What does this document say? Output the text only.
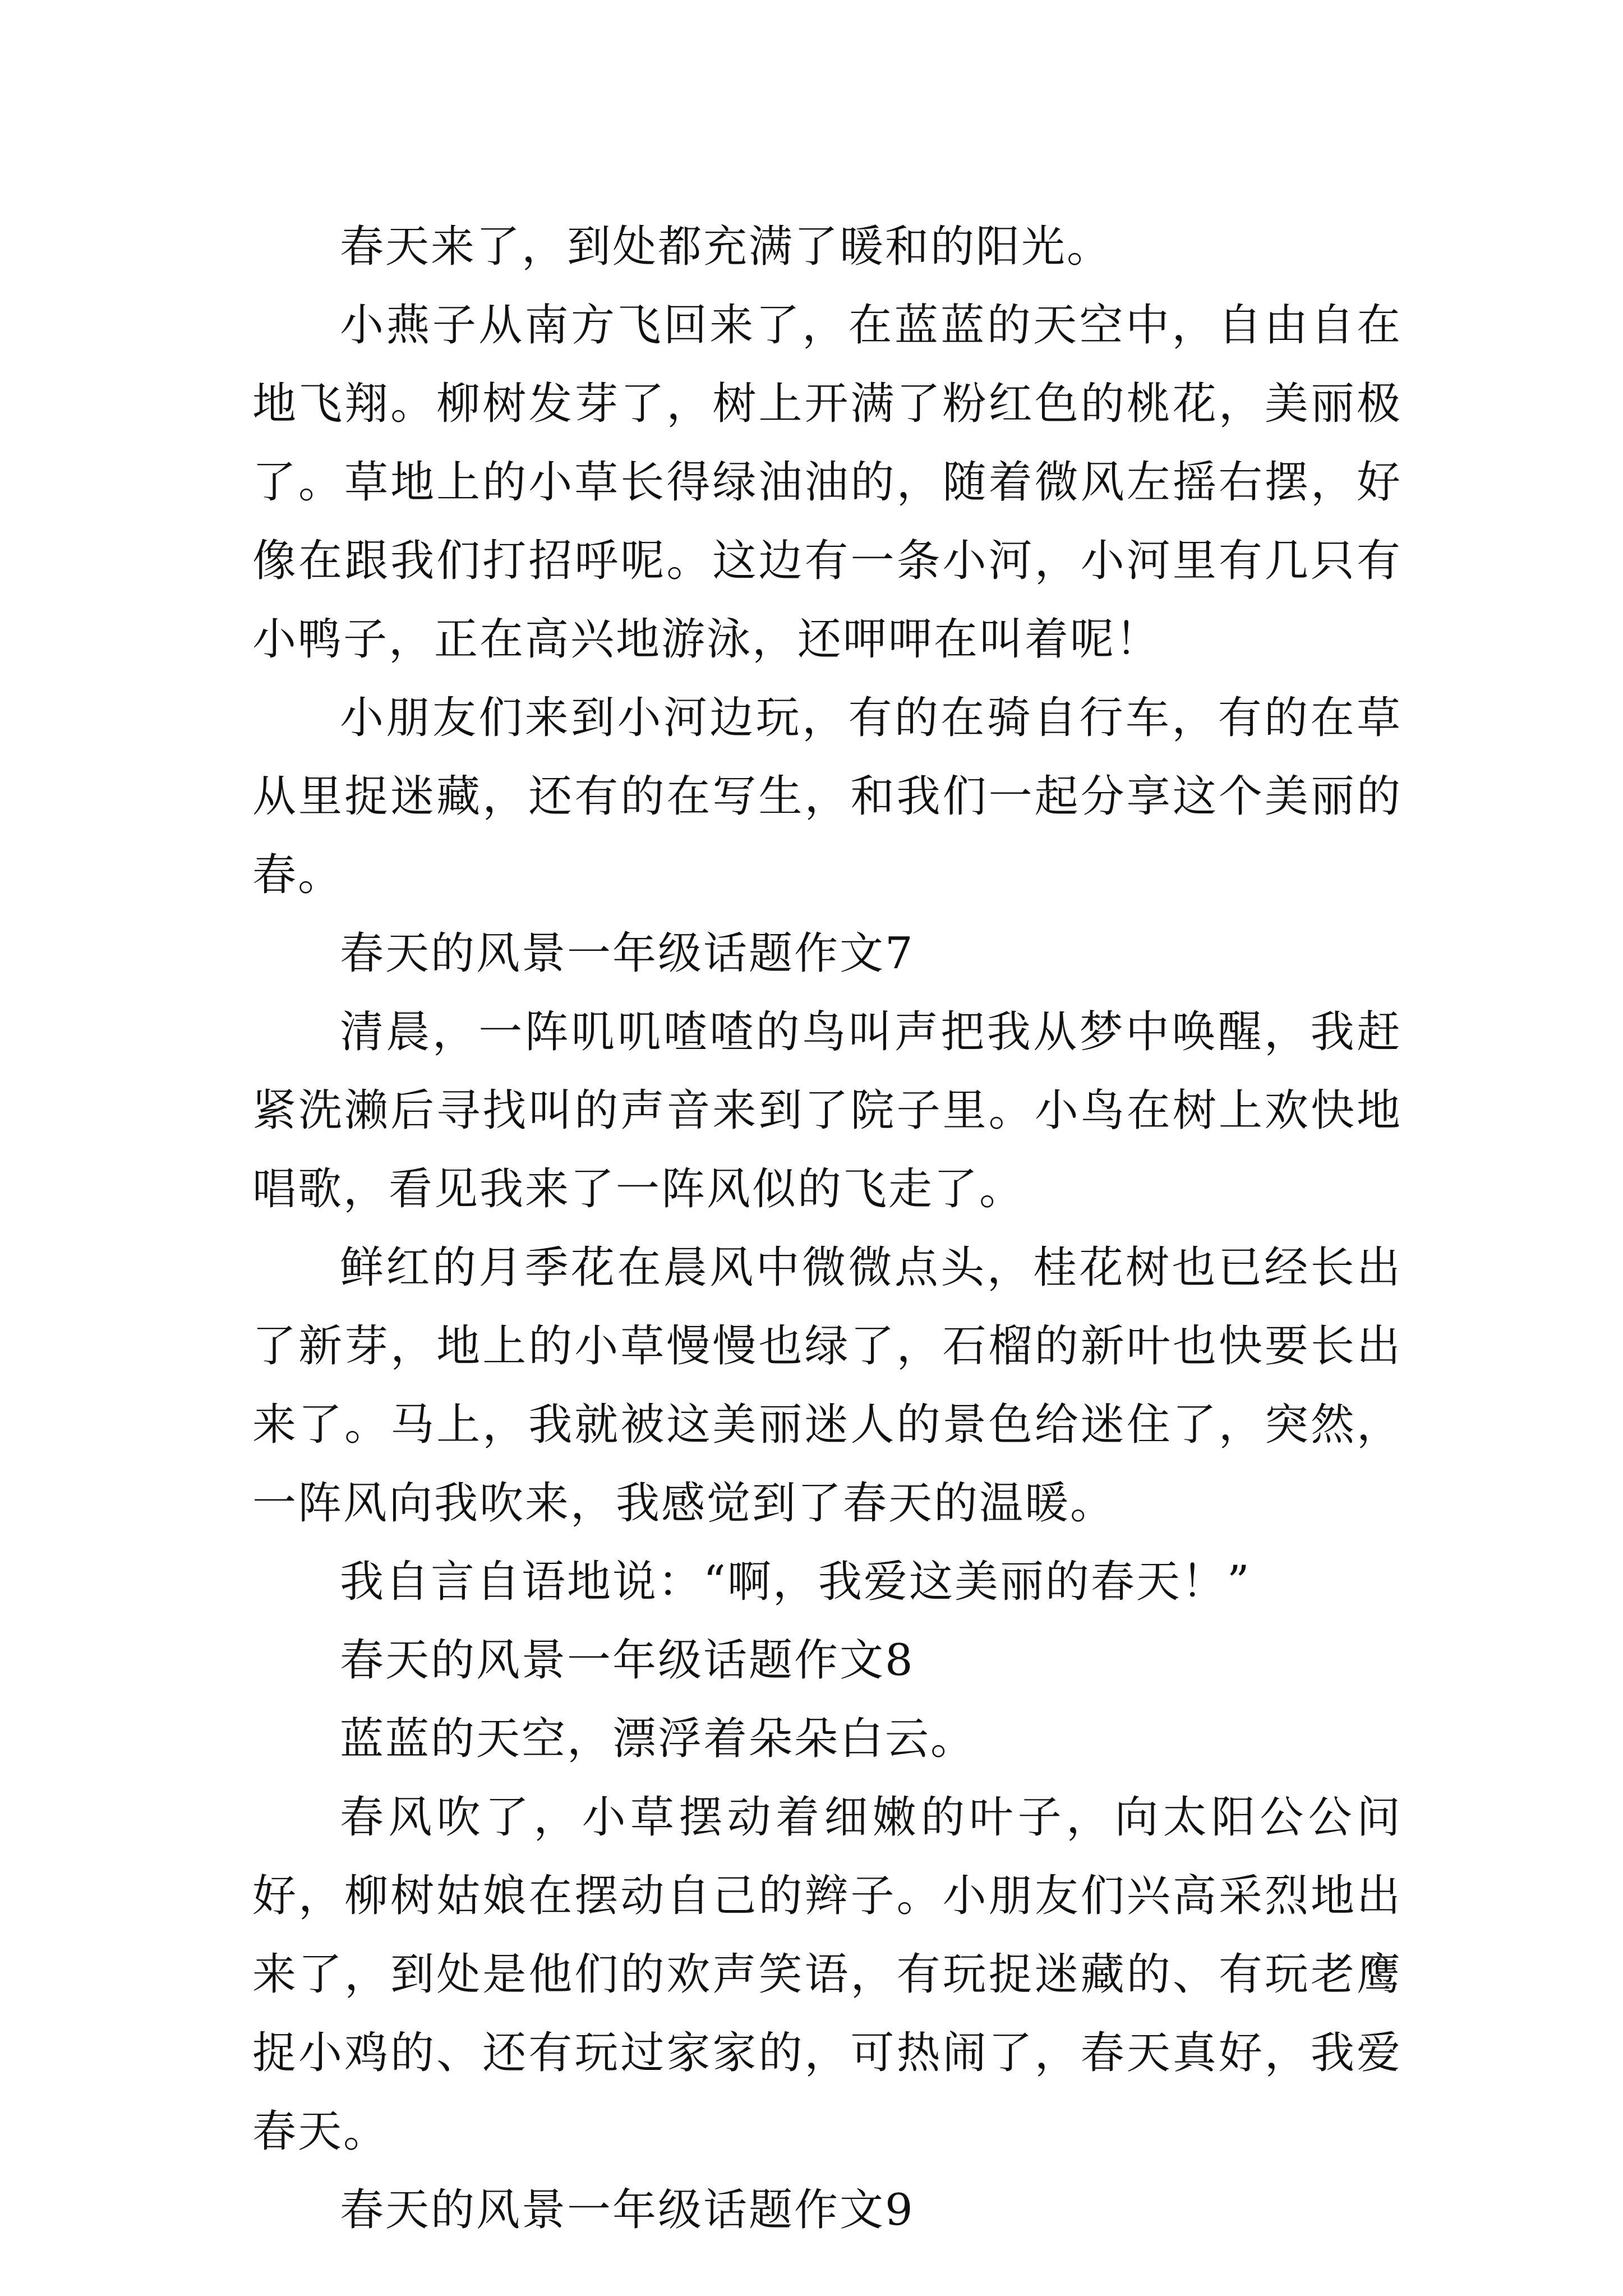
春天来了，到处都充满了暖和的阳光。

小燕子从南方飞回来了，在蓝蓝的天空中，自由自在地飞翔。柳树发芽了，树上开满了粉红色的桃花，美丽极了。草地上的小草长得绿油油的，随着微风左摇右摆，好像在跟我们打招呼呢。这边有一条小河，小河里有几只有小鸭子，正在高兴地游泳，还呷呷在叫着呢！

小朋友们来到小河边玩，有的在骑自行车，有的在草从里捉迷藏，还有的在写生，和我们一起分享这个美丽的春。

春天的风景一年级话题作文7

清晨，一阵叽叽喳喳的鸟叫声把我从梦中唤醒，我赶紧洗濑后寻找叫的声音来到了院子里。小鸟在树上欢快地唱歌，看见我来了一阵风似的飞走了。

鲜红的月季花在晨风中微微点头，桂花树也已经长出了新芽，地上的小草慢慢也绿了，石榴的新叶也快要长出来了。马上，我就被这美丽迷人的景色给迷住了，突然，一阵风向我吹来，我感觉到了春天的温暖。

我自言自语地说：“啊，我爱这美丽的春天！”

春天的风景一年级话题作文8

蓝蓝的天空，漂浮着朵朵白云。

春风吹了，小草摆动着细嫩的叶子，向太阳公公问好，柳树姑娘在摆动自己的辫子。小朋友们兴高采烈地出来了，到处是他们的欢声笑语，有玩捉迷藏的、有玩老鹰捉小鸡的、还有玩过家家的，可热闹了，春天真好，我爱春天。

春天的风景一年级话题作文9
